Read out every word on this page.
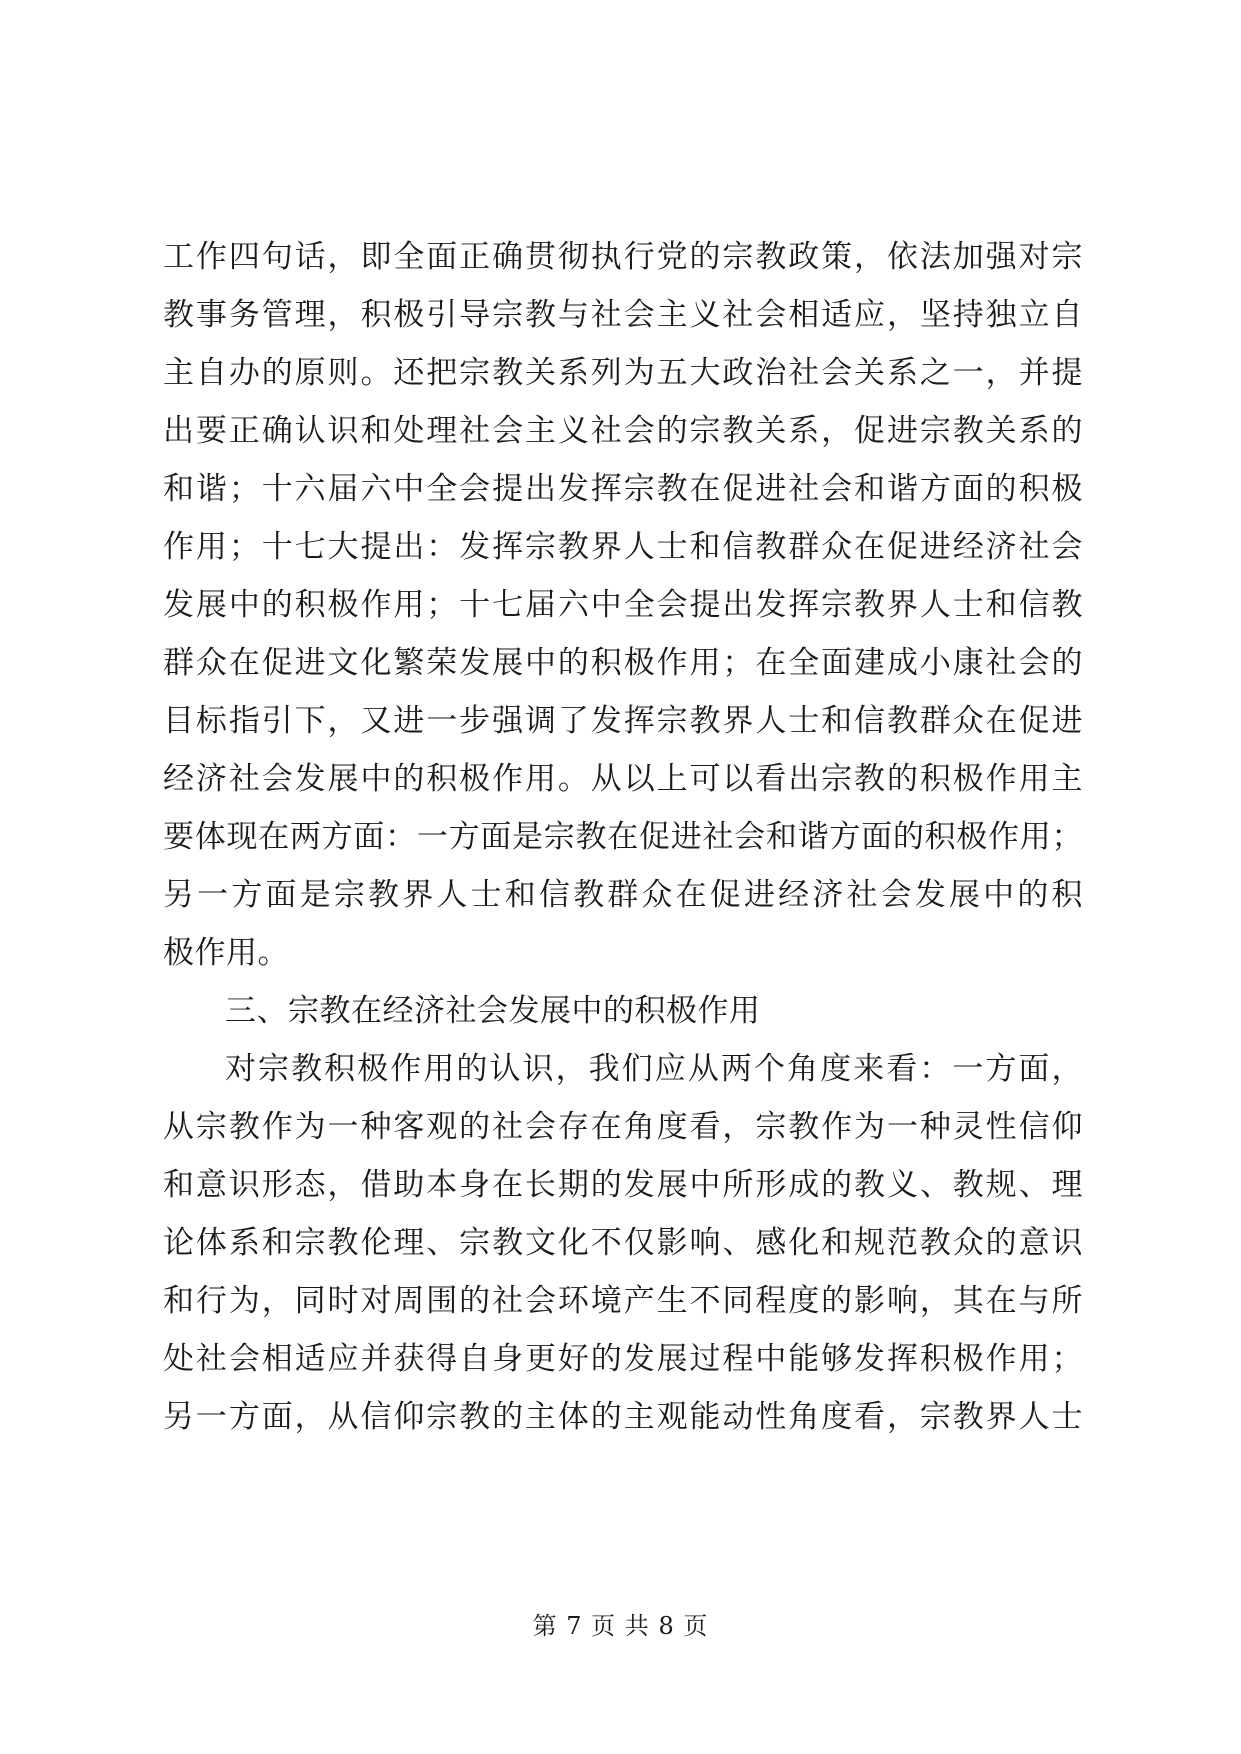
工作四句话，即全面正确贯彻执行党的宗教政策，依法加强对宗
教事务管理，积极引导宗教与社会主义社会相适应，坚持独立自
主自办的原则。还把宗教关系列为五大政治社会关系之一，并提
出要正确认识和处理社会主义社会的宗教关系，促进宗教关系的
和谐；十六届六中全会提出发挥宗教在促进社会和谐方面的积极
作用；十七大提出：发挥宗教界人士和信教群众在促进经济社会
发展中的积极作用；十七届六中全会提出发挥宗教界人士和信教
群众在促进文化繁荣发展中的积极作用；在全面建成小康社会的
目标指引下，又进一步强调了发挥宗教界人士和信教群众在促进
经济社会发展中的积极作用。从以上可以看出宗教的积极作用主
要体现在两方面：一方面是宗教在促进社会和谐方面的积极作用；
另一方面是宗教界人士和信教群众在促进经济社会发展中的积
极作用。
三、宗教在经济社会发展中的积极作用
对宗教积极作用的认识，我们应从两个角度来看：一方面，
从宗教作为一种客观的社会存在角度看，宗教作为一种灵性信仰
和意识形态，借助本身在长期的发展中所形成的教义、教规、理
论体系和宗教伦理、宗教文化不仅影响、感化和规范教众的意识
和行为，同时对周围的社会环境产生不同程度的影响，其在与所
处社会相适应并获得自身更好的发展过程中能够发挥积极作用；
另一方面，从信仰宗教的主体的主观能动性角度看，宗教界人士
第 7 页 共 8 页
